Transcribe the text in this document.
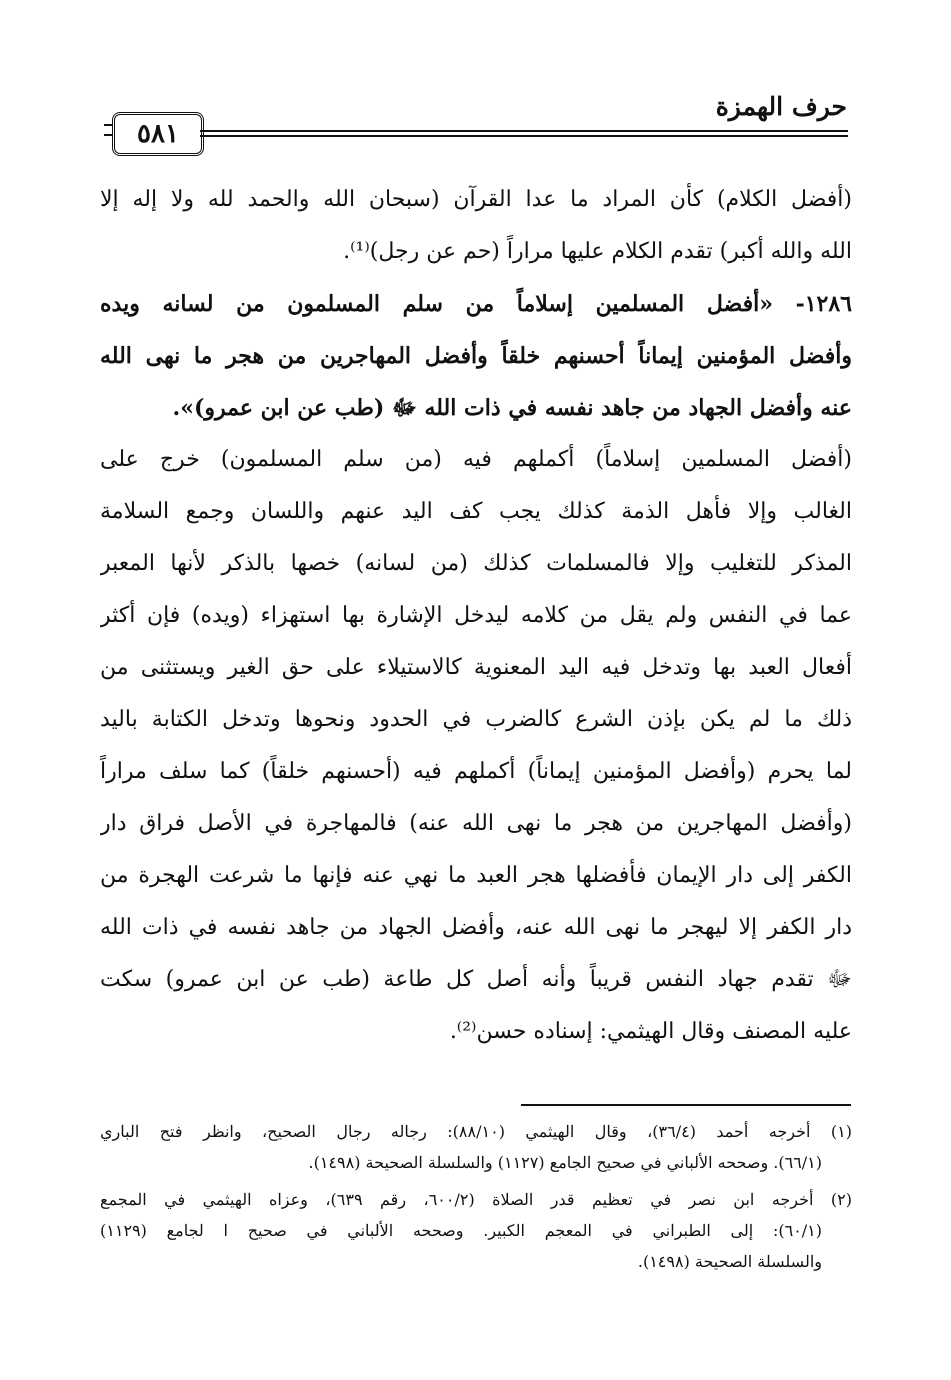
حرف الهمزة
٥٨١
(أفضل الكلام) كأن المراد ما عدا القرآن (سبحان الله والحمد لله ولا إله إلا
الله والله أكبر) تقدم الكلام عليها مراراً (حم عن رجل)⁽¹⁾.
١٢٨٦- «أفضل المسلمين إسلاماً من سلم المسلمون من لسانه ويده
وأفضل المؤمنين إيماناً أحسنهم خلقاً وأفضل المهاجرين من هجر ما نهى الله
عنه وأفضل الجهاد من جاهد نفسه في ذات الله ﷻ (طب عن ابن عمرو)».
(أفضل المسلمين إسلاماً) أكملهم فيه (من سلم المسلمون) خرج على
الغالب وإلا فأهل الذمة كذلك يجب كف اليد عنهم واللسان وجمع السلامة
المذكر للتغليب وإلا فالمسلمات كذلك (من لسانه) خصها بالذكر لأنها المعبر
عما في النفس ولم يقل من كلامه ليدخل الإشارة بها استهزاء (ويده) فإن أكثر
أفعال العبد بها وتدخل فيه اليد المعنوية كالاستيلاء على حق الغير ويستثنى من
ذلك ما لم يكن بإذن الشرع كالضرب في الحدود ونحوها وتدخل الكتابة باليد
لما يحرم (وأفضل المؤمنين إيماناً) أكملهم فيه (أحسنهم خلقاً) كما سلف مراراً
(وأفضل المهاجرين من هجر ما نهى الله عنه) فالمهاجرة في الأصل فراق دار
الكفر إلى دار الإيمان فأفضلها هجر العبد ما نهي عنه فإنها ما شرعت الهجرة من
دار الكفر إلا ليهجر ما نهى الله عنه، وأفضل الجهاد من جاهد نفسه في ذات الله
ﷻ تقدم جهاد النفس قريباً وأنه أصل كل طاعة (طب عن ابن عمرو) سكت
عليه المصنف وقال الهيثمي: إسناده حسن⁽²⁾.
(١) أخرجه أحمد (٣٦/٤)، وقال الهيثمي (٨٨/١٠): رجاله رجال الصحيح، وانظر فتح الباري
(٦٦/١). وصححه الألباني في صحيح الجامع (١١٢٧) والسلسلة الصحيحة (١٤٩٨).
(٢) أخرجه ابن نصر في تعظيم قدر الصلاة (٦٠٠/٢، رقم ٦٣٩)، وعزاه الهيثمي في المجمع
(٦٠/١): إلى الطبراني في المعجم الكبير. وصححه الألباني في صحيح ا لجامع (١١٢٩)
والسلسلة الصحيحة (١٤٩٨).
